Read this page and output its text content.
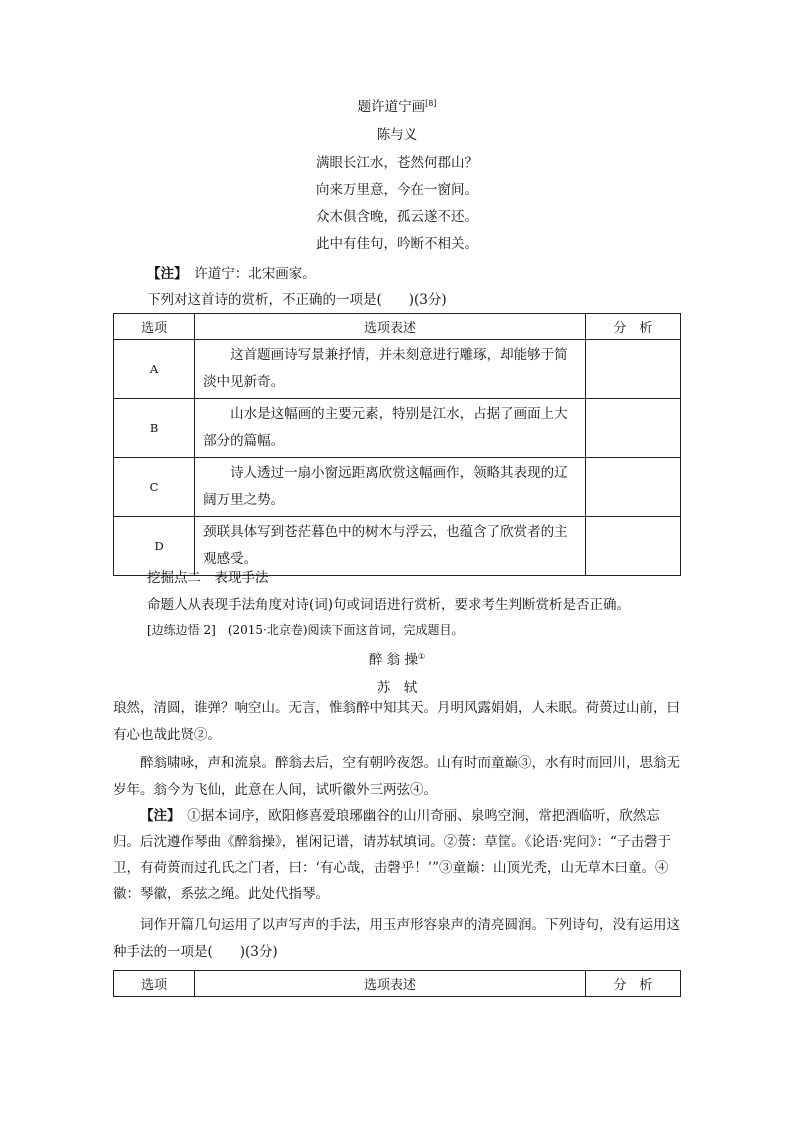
题许道宁画[8]
陈与义
满眼长江水，苍然何郡山？
向来万里意，今在一窗间。
众木俱含晚，孤云遂不还。
此中有佳句，吟断不相关。
【注】　 许道宁：北宋画家。
下列对这首诗的赏析，不正确的一项是(　　)(3分)
选项	选项表述	分　析
A	这首题画诗写景兼抒情，并未刻意进行雕琢，却能够于简淡中见新奇。	

B	山水是这幅画的主要元素，特别是江水，占据了画面上大部分的篇幅。	

C	诗人透过一扇小窗远距离欣赏这幅画作，领略其表现的辽阔万里之势。	

D	颈联具体写到苍茫暮色中的树木与浮云，也蕴含了欣赏者的主观感受。	

挖掘点二　表现手法
命题人从表现手法角度对诗(词)句或词语进行赏析，要求考生判断赏析是否正确。
[边练边悟 2]　(2015·北京卷)阅读下面这首词，完成题目。
醉 翁 操①
苏　轼
琅然，清圆，谁弹？响空山。无言，惟翁醉中知其天。月明风露娟娟，人未眠。荷蒉过山前，曰有心也哉此贤②。
醉翁啸咏，声和流泉。醉翁去后，空有朝吟夜怨。山有时而童巅③，水有时而回川，思翁无岁年。翁今为飞仙，此意在人间，试听徽外三两弦④。
【注】　 ①据本词序，欧阳修喜爱琅琊幽谷的山川奇丽、泉鸣空涧，常把酒临听，欣然忘归。后沈遵作琴曲《醉翁操》，崔闲记谱，请苏轼填词。②蒉：草筐。《论语·宪问》：“子击磬于卫，有荷蒉而过孔氏之门者，曰：‘有心哉，击磬乎！’”③童巅：山顶光秃，山无草木曰童。④徽：琴徽，系弦之绳。此处代指琴。
词作开篇几句运用了以声写声的手法，用玉声形容泉声的清亮圆润。下列诗句，没有运用这种手法的一项是(　　)(3分)
选项	选项表述	分　析
